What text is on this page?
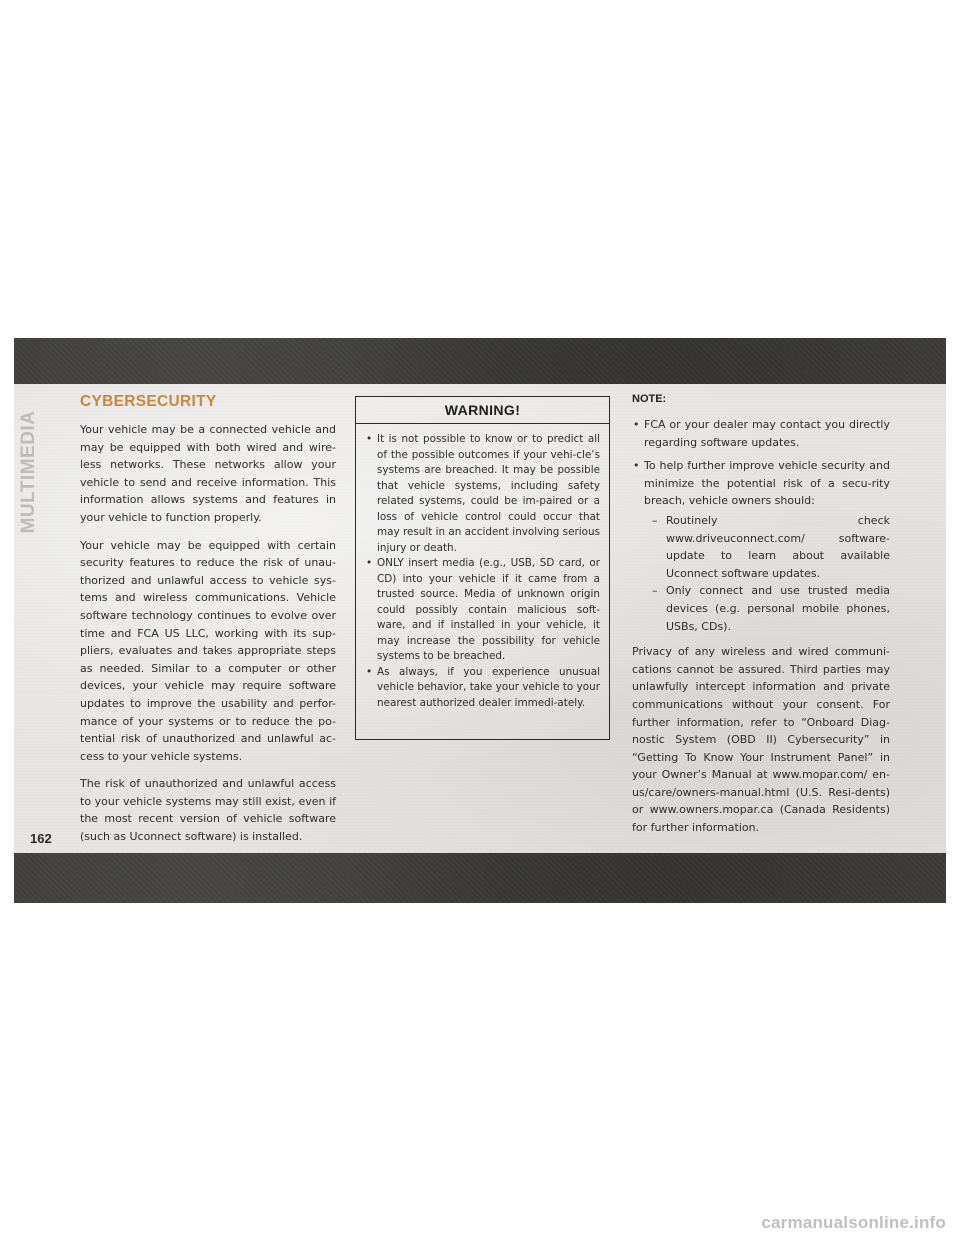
MULTIMEDIA
CYBERSECURITY

Your vehicle may be a connected vehicle and may be equipped with both wired and wire-less networks. These networks allow your vehicle to send and receive information. This information allows systems and features in your vehicle to function properly.

Your vehicle may be equipped with certain security features to reduce the risk of unau-thorized and unlawful access to vehicle sys-tems and wireless communications. Vehicle software technology continues to evolve over time and FCA US LLC, working with its sup-pliers, evaluates and takes appropriate steps as needed. Similar to a computer or other devices, your vehicle may require software updates to improve the usability and perfor-mance of your systems or to reduce the po-tential risk of unauthorized and unlawful ac-cess to your vehicle systems.

The risk of unauthorized and unlawful access to your vehicle systems may still exist, even if the most recent version of vehicle software (such as Uconnect software) is installed.

WARNING!
• It is not possible to know or to predict all of the possible outcomes if your vehi-cle’s systems are breached. It may be possible that vehicle systems, including safety related systems, could be im-paired or a loss of vehicle control could occur that may result in an accident involving serious injury or death.
• ONLY insert media (e.g., USB, SD card, or CD) into your vehicle if it came from a trusted source. Media of unknown origin could possibly contain malicious soft-ware, and if installed in your vehicle, it may increase the possibility for vehicle systems to be breached.
• As always, if you experience unusual vehicle behavior, take your vehicle to your nearest authorized dealer immedi-ately.
NOTE:
• FCA or your dealer may contact you directly regarding software updates.
• To help further improve vehicle security and minimize the potential risk of a secu-rity breach, vehicle owners should:
– Routinely check www.driveuconnect.com/ software-update to learn about available Uconnect software updates.
– Only connect and use trusted media devices (e.g. personal mobile phones, USBs, CDs).

Privacy of any wireless and wired communi-cations cannot be assured. Third parties may unlawfully intercept information and private communications without your consent. For further information, refer to “Onboard Diag-nostic System (OBD II) Cybersecurity” in “Getting To Know Your Instrument Panel” in your Owner’s Manual at www.mopar.com/ en-us/care/owners-manual.html (U.S. Resi-dents) or www.owners.mopar.ca (Canada Residents) for further information.

162
carmanualsonline.info
